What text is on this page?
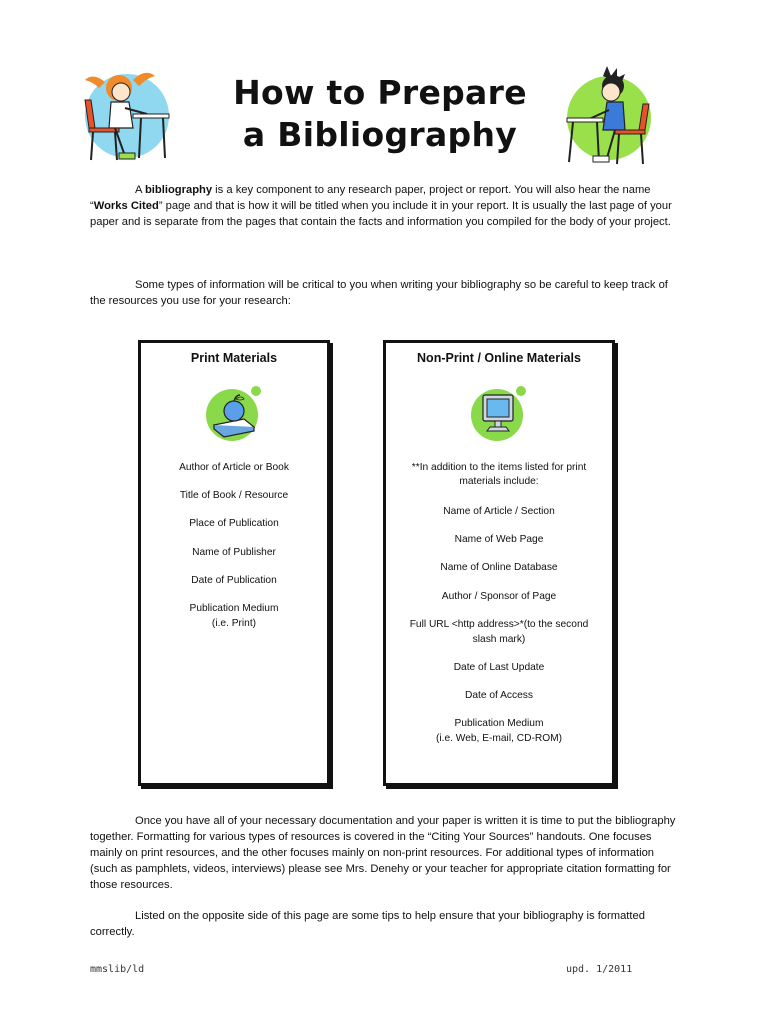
How to Prepare
a Bibliography
A bibliography is a key component to any research paper, project or report. You will also hear the name “Works Cited” page and that is how it will be titled when you include it in your report. It is usually the last page of your paper and is separate from the pages that contain the facts and information you compiled for the body of your project.
Some types of information will be critical to you when writing your bibliography so be careful to keep track of the resources you use for your research:
Print Materials
Author of Article or Book
Title of Book / Resource
Place of Publication
Name of Publisher
Date of Publication
Publication Medium
(i.e. Print)
Non-Print / Online Materials
**In addition to the items listed for print
materials include:
Name of Article / Section
Name of Web Page
Name of Online Database
Author / Sponsor of Page
Full URL <http address>*(to the second
slash mark)
Date of Last Update
Date of Access
Publication Medium
(i.e. Web, E-mail, CD-ROM)
Once you have all of your necessary documentation and your paper is written it is time to put the bibliography together. Formatting for various types of resources is covered in the “Citing Your Sources” handouts. One focuses mainly on print resources, and the other focuses mainly on non-print resources. For additional types of information (such as pamphlets, videos, interviews) please see Mrs. Denehy or your teacher for appropriate citation formatting for those resources.
Listed on the opposite side of this page are some tips to help ensure that your bibliography is formatted correctly.
mmslib/ld	upd. 1/2011
